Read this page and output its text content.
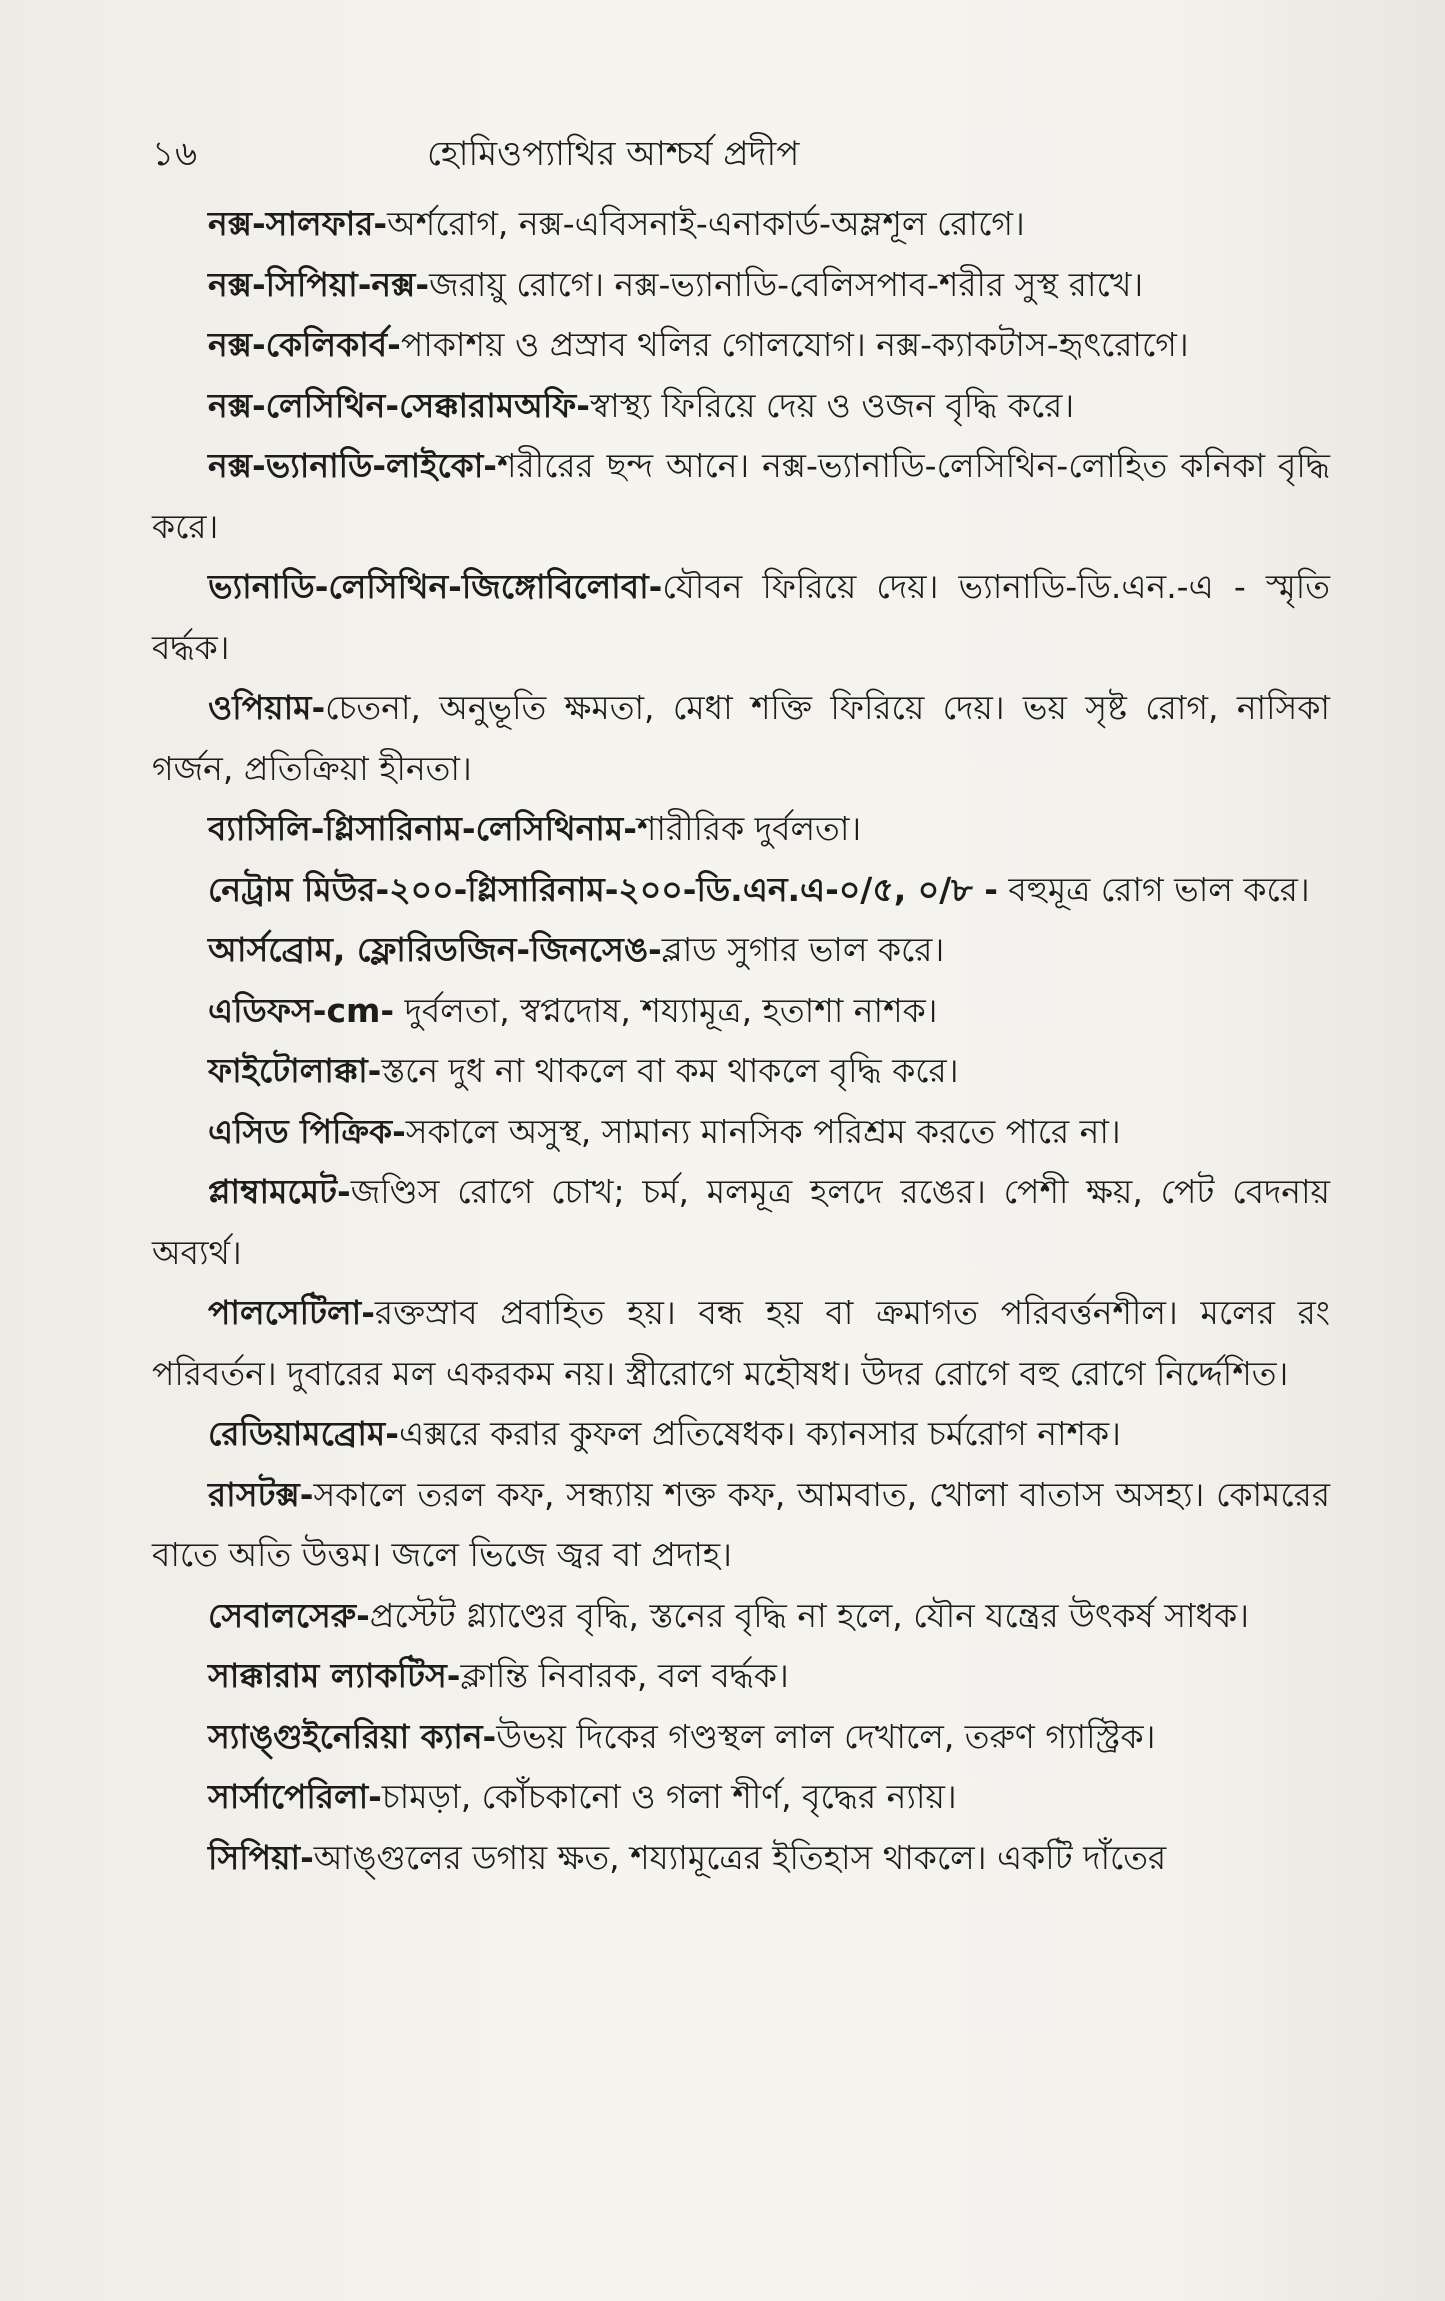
১৬	হোমিওপ্যাথির আশ্চর্য প্রদীপ

নক্স-সালফার-অর্শরোগ, নক্স-এবিসনাই-এনাকার্ড-অম্লশূল রোগে।

নক্স-সিপিয়া-নক্স-জরায়ু রোগে। নক্স-ভ্যানাডি-বেলিসপাব-শরীর সুস্থ রাখে।

নক্স-কেলিকার্ব-পাকাশয় ও প্রস্রাব থলির গোলযোগ। নক্স-ক্যাকটাস-হৃৎরোগে।

নক্স-লেসিথিন-সেক্কারামঅফি-স্বাস্থ্য ফিরিয়ে দেয় ও ওজন বৃদ্ধি করে।

নক্স-ভ্যানাডি-লাইকো-শরীরের ছন্দ আনে। নক্স-ভ্যানাডি-লেসিথিন-লোহিত কনিকা বৃদ্ধি করে।

ভ্যানাডি-লেসিথিন-জিঙ্গোবিলোবা-যৌবন ফিরিয়ে দেয়। ভ্যানাডি-ডি.এন.-এ - স্মৃতি বর্দ্ধক।

ওপিয়াম-চেতনা, অনুভূতি ক্ষমতা, মেধা শক্তি ফিরিয়ে দেয়। ভয় সৃষ্ট রোগ, নাসিকা গর্জন, প্রতিক্রিয়া হীনতা।

ব্যাসিলি-গ্লিসারিনাম-লেসিথিনাম-শারীরিক দুর্বলতা।

নেট্রাম মিউর-২০০-গ্লিসারিনাম-২০০-ডি.এন.এ-০/৫, ০/৮ - বহুমূত্র রোগ ভাল করে।

আর্সব্রোম, ফ্লোরিডজিন-জিনসেঙ-ব্লাড সুগার ভাল করে।

এডিফস-cm- দুর্বলতা, স্বপ্নদোষ, শয্যামূত্র, হতাশা নাশক।

ফাইটোলাক্কা-স্তনে দুধ না থাকলে বা কম থাকলে বৃদ্ধি করে।

এসিড পিক্রিক-সকালে অসুস্থ, সামান্য মানসিক পরিশ্রম করতে পারে না।

প্লাম্বামমেট-জণ্ডিস রোগে চোখ; চর্ম, মলমূত্র হলদে রঙের। পেশী ক্ষয়, পেট বেদনায় অব্যর্থ।

পালসেটিলা-রক্তস্রাব প্রবাহিত হয়। বন্ধ হয় বা ক্রমাগত পরিবর্ত্তনশীল। মলের রং পরিবর্তন। দুবারের মল একরকম নয়। স্ত্রীরোগে মহৌষধ। উদর রোগে বহু রোগে নির্দ্দেশিত।

রেডিয়ামব্রোম-এক্সরে করার কুফল প্রতিষেধক। ক্যানসার চর্মরোগ নাশক।

রাসটক্স-সকালে তরল কফ, সন্ধ্যায় শক্ত কফ, আমবাত, খোলা বাতাস অসহ্য। কোমরের বাতে অতি উত্তম। জলে ভিজে জ্বর বা প্রদাহ।

সেবালসেরু-প্রস্টেট গ্ল্যাণ্ডের বৃদ্ধি, স্তনের বৃদ্ধি না হলে, যৌন যন্ত্রের উৎকর্ষ সাধক।

সাক্কারাম ল্যাকটিস-ক্লান্তি নিবারক, বল বর্দ্ধক।

স্যাঙ্গুইনেরিয়া ক্যান-উভয় দিকের গণ্ডস্থল লাল দেখালে, তরুণ গ্যাস্ট্রিক।

সার্সাপেরিলা-চামড়া, কোঁচকানো ও গলা শীর্ণ, বৃদ্ধের ন্যায়।

সিপিয়া-আঙ্গুলের ডগায় ক্ষত, শয্যামূত্রের ইতিহাস থাকলে। একটি দাঁতের
